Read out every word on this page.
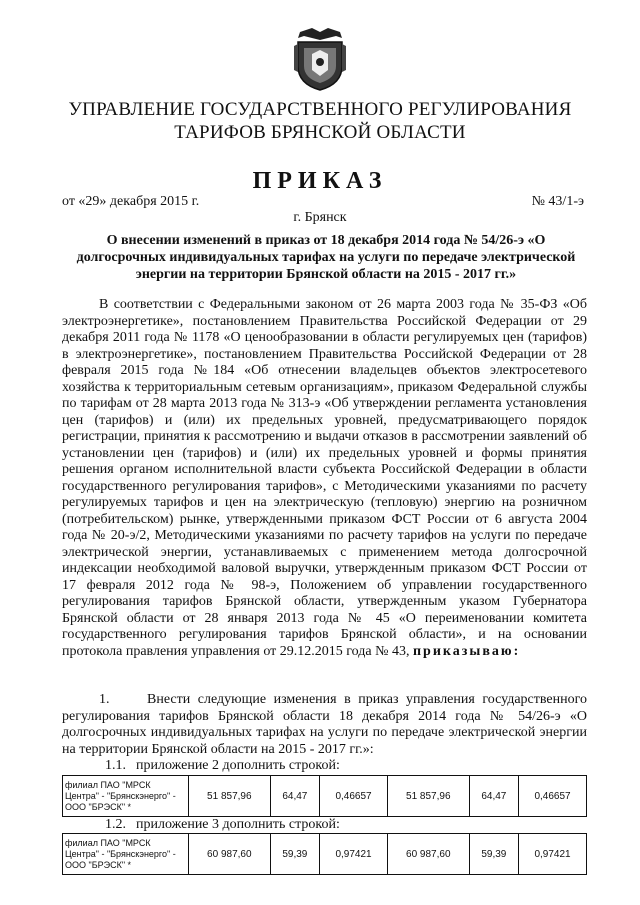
УПРАВЛЕНИЕ ГОСУДАРСТВЕННОГО РЕГУЛИРОВАНИЯ
ТАРИФОВ БРЯНСКОЙ ОБЛАСТИ
ПРИКАЗ
от «29» декабря 2015 г.	№ 43/1-э
г. Брянск
О внесении изменений в приказ от 18 декабря 2014 года № 54/26-э «О долгосрочных индивидуальных тарифах на услуги по передаче электрической энергии на территории Брянской области на 2015 - 2017 гг.»

В соответствии с Федеральными законом от 26 марта 2003 года № 35-ФЗ «Об электроэнергетике», постановлением Правительства Российской Федерации от 29 декабря 2011 года № 1178 «О ценообразовании в области регулируемых цен (тарифов) в электроэнергетике», постановлением Правительства Российской Федерации от 28 февраля 2015 года №184 «Об отнесении владельцев объектов электросетевого хозяйства к территориальным сетевым организациям», приказом Федеральной службы по тарифам от 28 марта 2013 года № 313-э «Об утверждении регламента установления цен (тарифов) и (или) их предельных уровней, предусматривающего порядок регистрации, принятия к рассмотрению и выдачи отказов в рассмотрении заявлений об установлении цен (тарифов) и (или) их предельных уровней и формы принятия решения органом исполнительной власти субъекта Российской Федерации в области государственного регулирования тарифов», с Методическими указаниями по расчету регулируемых тарифов и цен на электрическую (тепловую) энергию на розничном (потребительском) рынке, утвержденными приказом ФСТ России от 6 августа 2004 года № 20-э/2, Методическими указаниями по расчету тарифов на услуги по передаче электрической энергии, устанавливаемых с применением метода долгосрочной индексации необходимой валовой выручки, утвержденным приказом ФСТ России от 17 февраля 2012 года № 98-э, Положением об управлении государственного регулирования тарифов Брянской области, утвержденным указом Губернатора Брянской области от 28 января 2013 года № 45 «О переименовании комитета государственного регулирования тарифов Брянской области», и на основании протокола правления управления от 29.12.2015 года № 43, приказываю:

1.     Внести следующие изменения в приказ управления государственного регулирования тарифов Брянской области 18 декабря 2014 года № 54/26-э «О долгосрочных индивидуальных тарифах на услуги по передаче электрической энергии на территории Брянской области на 2015 - 2017 гг.»:

1.1. приложение 2 дополнить строкой:
филиал ПАО "МРСК Центра" - "Брянскэнерго" - ООО "БРЭСК" *	51 857,96	64,47	0,46657	51 857,96	64,47	0,46657
1.2. приложение 3 дополнить строкой:
филиал ПАО "МРСК Центра" - "Брянскэнерго" - ООО "БРЭСК" *	60 987,60	59,39	0,97421	60 987,60	59,39	0,97421
